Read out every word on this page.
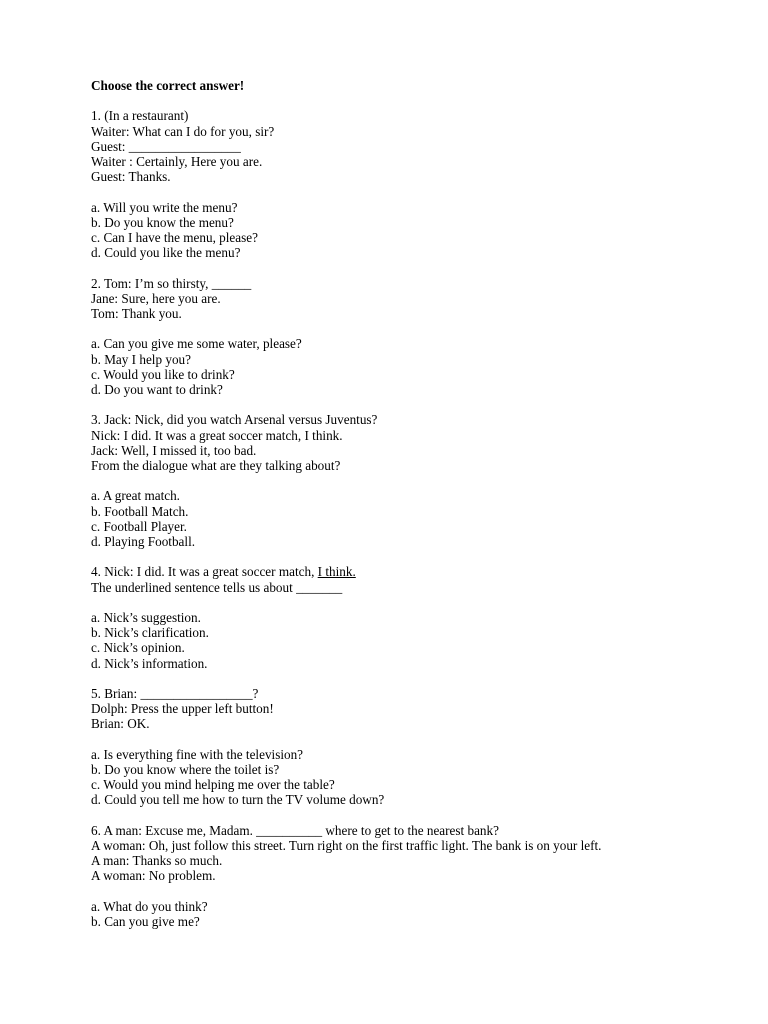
Choose the correct answer!

1. (In a restaurant)

Waiter: What can I do for you, sir?

Guest: _________________

Waiter : Certainly, Here you are.

Guest: Thanks.

a. Will you write the menu?

b. Do you know the menu?

c. Can I have the menu, please?

d. Could you like the menu?

2. Tom: I’m so thirsty, ______

Jane: Sure, here you are.

Tom: Thank you.

a. Can you give me some water, please?

b. May I help you?

c. Would you like to drink?

d. Do you want to drink?

3. Jack: Nick, did you watch Arsenal versus Juventus?

Nick: I did. It was a great soccer match, I think.

Jack: Well, I missed it, too bad.

From the dialogue what are they talking about?

a. A great match.

b. Football Match.

c. Football Player.

d. Playing Football.

4. Nick: I did. It was a great soccer match, I think.

The underlined sentence tells us about _______

a. Nick’s suggestion.

b. Nick’s clarification.

c. Nick’s opinion.

d. Nick’s information.

5. Brian: _________________?

Dolph: Press the upper left button!

Brian: OK.

a. Is everything fine with the television?

b. Do you know where the toilet is?

c. Would you mind helping me over the table?

d. Could you tell me how to turn the TV volume down?

6. A man: Excuse me, Madam. __________ where to get to the nearest bank?

A woman: Oh, just follow this street. Turn right on the first traffic light. The bank is on your left.

A man: Thanks so much.

A woman: No problem.

a. What do you think?

b. Can you give me?
